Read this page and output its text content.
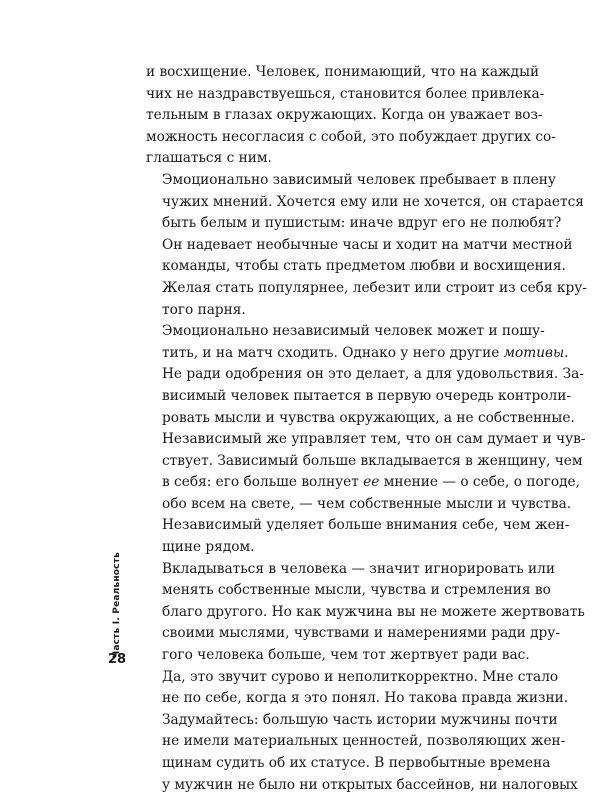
и восхищение. Человек, понимающий, что на каждый
чих не наздравствуешься, становится более привлека-
тельным в глазах окружающих. Когда он уважает воз-
можность несогласия с собой, это побуждает других со-
глашаться с ним.
Эмоционально зависимый человек пребывает в плену
чужих мнений. Хочется ему или не хочется, он старается
быть белым и пушистым: иначе вдруг его не полюбят?
Он надевает необычные часы и ходит на матчи местной
команды, чтобы стать предметом любви и восхищения.
Желая стать популярнее, лебезит или строит из себя кру-
того парня.
Эмоционально независимый человек может и пошу-
тить, и на матч сходить. Однако у него другие мотивы.
Не ради одобрения он это делает, а для удовольствия. За-
висимый человек пытается в первую очередь контроли-
ровать мысли и чувства окружающих, а не собственные.
Независимый же управляет тем, что он сам думает и чув-
ствует. Зависимый больше вкладывается в женщину, чем
в себя: его больше волнует ее мнение — о себе, о погоде,
обо всем на свете, — чем собственные мысли и чувства.
Независимый уделяет больше внимания себе, чем жен-
щине рядом.
Вкладываться в человека — значит игнорировать или
менять собственные мысли, чувства и стремления во
благо другого. Но как мужчина вы не можете жертвовать
своими мыслями, чувствами и намерениями ради дру-
гого человека больше, чем тот жертвует ради вас.
Да, это звучит сурово и неполиткорректно. Мне стало
не по себе, когда я это понял. Но такова правда жизни.
Задумайтесь: большую часть истории мужчины почти
не имели материальных ценностей, позволяющих жен-
щинам судить об их статусе. В первобытные времена
у мужчин не было ни открытых бассейнов, ни налоговых
Часть I. Реальность
28
